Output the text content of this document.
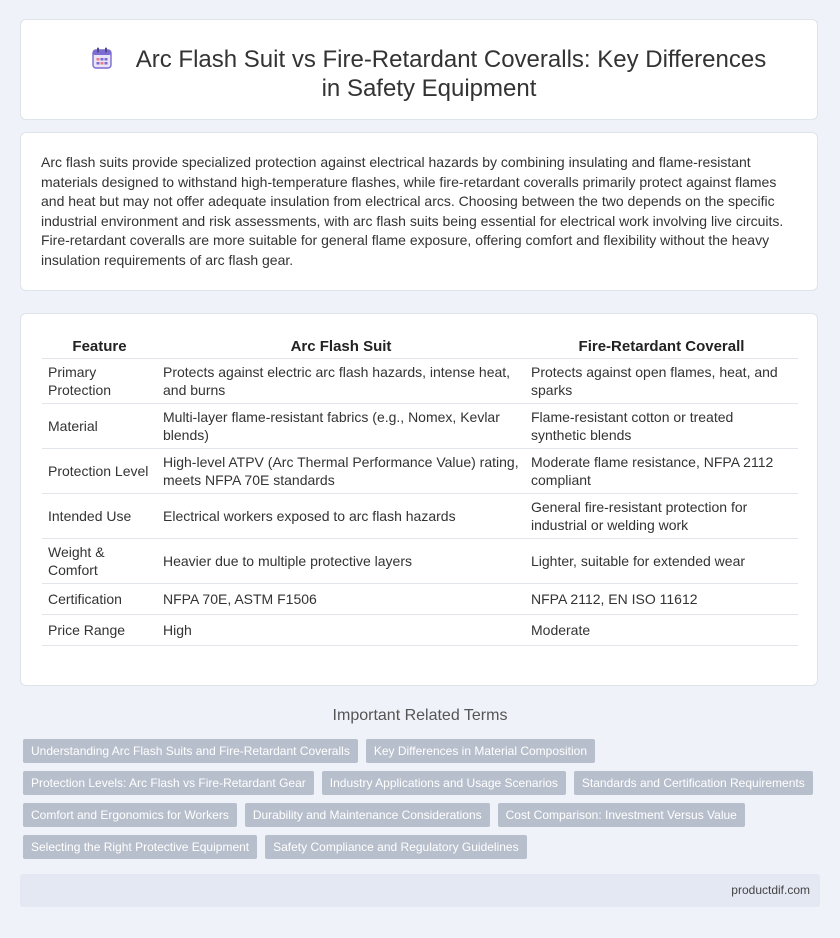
Arc Flash Suit vs Fire-Retardant Coveralls: Key Differences in Safety Equipment
Arc flash suits provide specialized protection against electrical hazards by combining insulating and flame-resistant materials designed to withstand high-temperature flashes, while fire-retardant coveralls primarily protect against flames and heat but may not offer adequate insulation from electrical arcs. Choosing between the two depends on the specific industrial environment and risk assessments, with arc flash suits being essential for electrical work involving live circuits. Fire-retardant coveralls are more suitable for general flame exposure, offering comfort and flexibility without the heavy insulation requirements of arc flash gear.
Feature	Arc Flash Suit	Fire-Retardant Coverall
Primary Protection	Protects against electric arc flash hazards, intense heat, and burns	Protects against open flames, heat, and sparks
Material	Multi-layer flame-resistant fabrics (e.g., Nomex, Kevlar blends)	Flame-resistant cotton or treated synthetic blends
Protection Level	High-level ATPV (Arc Thermal Performance Value) rating, meets NFPA 70E standards	Moderate flame resistance, NFPA 2112 compliant
Intended Use	Electrical workers exposed to arc flash hazards	General fire-resistant protection for industrial or welding work
Weight & Comfort	Heavier due to multiple protective layers	Lighter, suitable for extended wear
Certification	NFPA 70E, ASTM F1506	NFPA 2112, EN ISO 11612
Price Range	High	Moderate
Important Related Terms
Understanding Arc Flash Suits and Fire-Retardant Coveralls	Key Differences in Material Composition
Protection Levels: Arc Flash vs Fire-Retardant Gear	Industry Applications and Usage Scenarios	Standards and Certification Requirements
Comfort and Ergonomics for Workers	Durability and Maintenance Considerations	Cost Comparison: Investment Versus Value
Selecting the Right Protective Equipment	Safety Compliance and Regulatory Guidelines
productdif.com
